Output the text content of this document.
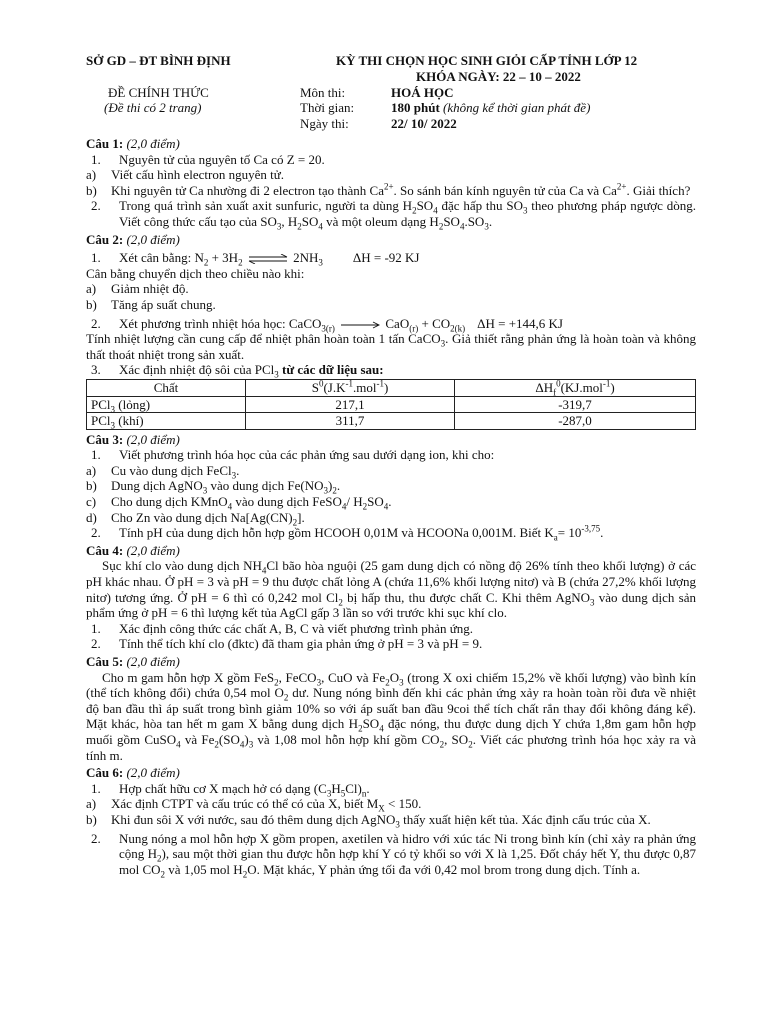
SỞ GD – ĐT BÌNH ĐỊNH	KỲ THI CHỌN HỌC SINH GIỎI CẤP TỈNH LỚP 12
KHÓA NGÀY: 22 – 10 – 2022
ĐỀ CHÍNH THỨC
(Đề thi có 2 trang)
Môn thi:	HOÁ HỌC
Thời gian:	180 phút (không kể thời gian phát đề)
Ngày thi:	22/ 10/ 2022
Câu 1: (2,0 điểm)
1.	Nguyên tử của nguyên tố Ca có Z = 20.
a)	Viết cấu hình electron nguyên tử.
b)	Khi nguyên tử Ca nhường đi 2 electron tạo thành $Ca^{2+}$. So sánh bán kính nguyên tử của Ca và $Ca^{2+}$. Giải thích?
2.	Trong quá trình sản xuất axit sunfuric, người ta dùng $H_2SO_4$ đặc hấp thu $SO_3$ theo phương pháp ngược dòng. Viết công thức cấu tạo của $SO_3$, $H_2SO_4$ và một oleum dạng $H_2SO_4.SO_3$.
Câu 2: (2,0 điểm)
1.	Xét cân bằng: $N_2 + 3H_2$ ⇌ $2NH_3$ ΔH = -92 KJ
Cân bằng chuyển dịch theo chiều nào khi:
a)	Giảm nhiệt độ.
b)	Tăng áp suất chung.
2.	Xét phương trình nhiệt hóa học: CaCO$_{3(r)}$ → $CaO_{(r)} + CO_{2(k)}$ ΔH = +144,6 KJ
Tính nhiệt lượng cần cung cấp để nhiệt phân hoàn toàn 1 tấn CaCO$_3$. Giả thiết rằng phản ứng là hoàn toàn và không thất thoát nhiệt trong sản xuất.
3.	Xác định nhiệt độ sôi của PCl$_3$ từ các dữ liệu sau:
Chất	$S^0(J.K^{-1}.mol^{-1})$	$\Delta H_f^0(KJ.mol^{-1})$
PCl$_3$ (lỏng)	217,1	-319,7
PCl$_3$ (khí)	311,7	-287,0
Câu 3: (2,0 điểm)
1.	Viết phương trình hóa học của các phản ứng sau dưới dạng ion, khi cho:
a)	Cu vào dung dịch FeCl$_3$.
b)	Dung dịch AgNO$_3$ vào dung dịch $Fe(NO_3)_2$.
c)	Cho dung dịch KMnO$_4$ vào dung dịch FeSO$_4$/ $H_2SO_4$.
d)	Cho Zn vào dung dịch $Na[Ag(CN)_2]$.
2.	Tính pH của dung dịch hỗn hợp gồm HCOOH 0,01M và HCOONa 0,001M. Biết $K_a= 10^{-3,75}$.
Câu 4: (2,0 điểm)
Sục khí clo vào dung dịch $NH_4Cl$ bão hòa nguội (25 gam dung dịch có nồng độ 26% tính theo khối lượng) ở các pH khác nhau. Ở pH = 3 và pH = 9 thu được chất lỏng A (chứa 11,6% khối lượng nitơ) và B (chứa 27,2% khối lượng nitơ) tương ứng. Ở pH = 6 thì có 0,242 mol $Cl_2$ bị hấp thu, thu được chất C. Khi thêm AgNO$_3$ vào dung dịch sản phẩm ứng ở pH = 6 thì lượng kết tủa AgCl gấp 3 lần so với trước khi sục khí clo.
1.	Xác định công thức các chất A, B, C và viết phương trình phản ứng.
2.	Tính thể tích khí clo (đktc) đã tham gia phản ứng ở pH = 3 và pH = 9.
Câu 5: (2,0 điểm)
Cho m gam hỗn hợp X gồm FeS$_2$, FeCO$_3$, CuO và $Fe_2O_3$ (trong X oxi chiếm 15,2% về khối lượng) vào bình kín (thể tích không đổi) chứa 0,54 mol $O_2$ dư. Nung nóng bình đến khi các phản ứng xảy ra hoàn toàn rồi đưa về nhiệt độ ban đầu thì áp suất trong bình giảm 10% so với áp suất ban đầu 9coi thể tích chất rắn thay đổi không đáng kể). Mặt khác, hòa tan hết m gam X bằng dung dịch $H_2SO_4$ đặc nóng, thu được dung dịch Y chứa 1,8m gam hỗn hợp muối gồm CuSO$_4$ và $Fe_2(SO_4)_3$ và 1,08 mol hỗn hợp khí gồm $CO_2$, $SO_2$. Viết các phương trình hóa học xảy ra và tính m.
Câu 6: (2,0 điểm)
1.	Hợp chất hữu cơ X mạch hở có dạng $(C_3H_5Cl)_n$.
a)	Xác định CTPT và cấu trúc có thể có của X, biết $M_X < 150$.
b)	Khi đun sôi X với nước, sau đó thêm dung dịch AgNO$_3$ thấy xuất hiện kết tủa. Xác định cấu trúc của X.
2.	Nung nóng a mol hỗn hợp X gồm propen, axetilen và hidro với xúc tác Ni trong bình kín (chỉ xảy ra phản ứng cộng $H_2$), sau một thời gian thu được hỗn hợp khí Y có tỷ khối so với X là 1,25. Đốt cháy hết Y, thu được 0,87 mol $CO_2$ và 1,05 mol $H_2O$. Mặt khác, Y phản ứng tối đa với 0,42 mol brom trong dung dịch. Tính a.
